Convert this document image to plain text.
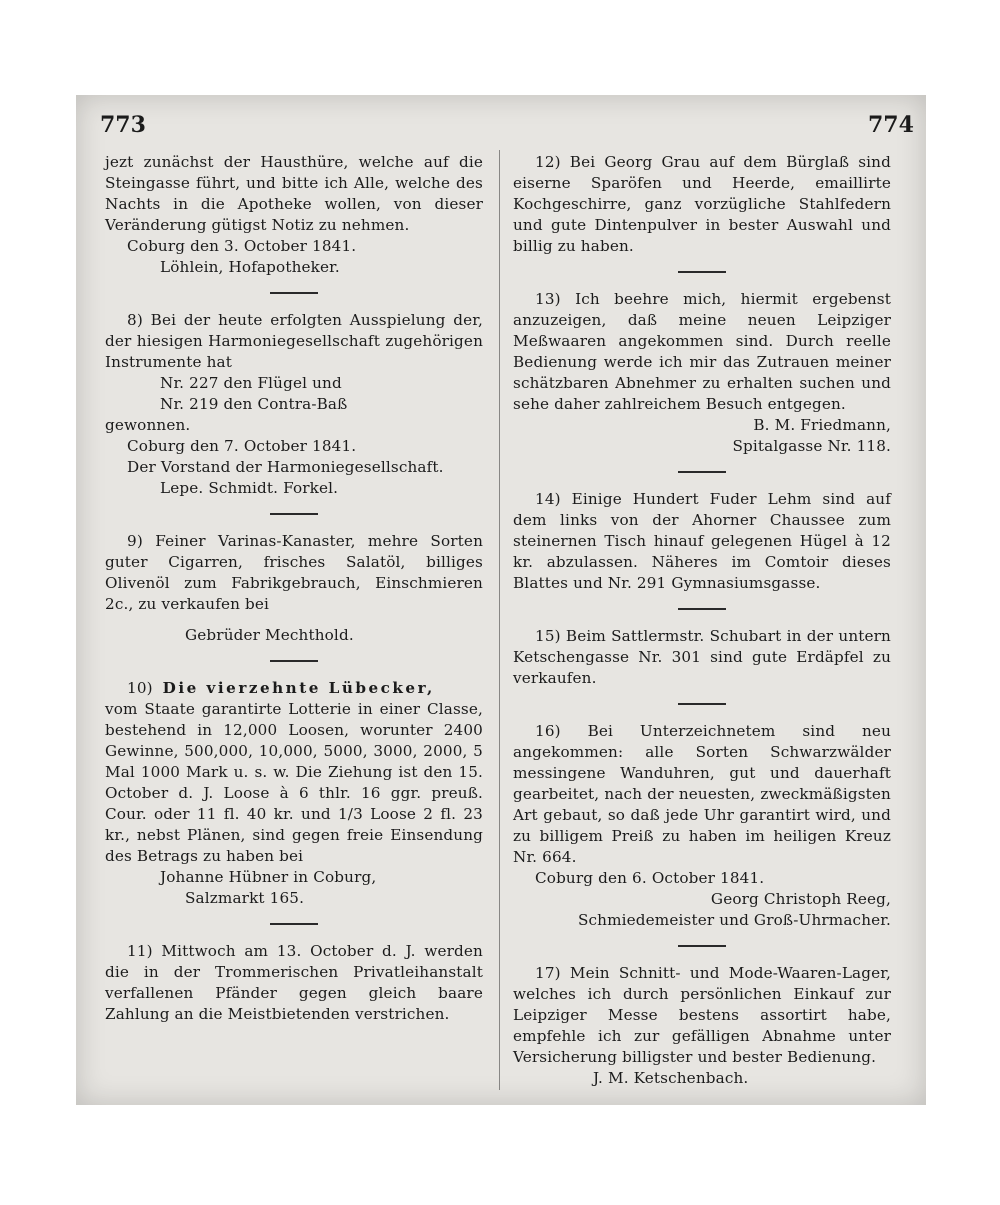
773	774

jezt zunächst der Hausthüre, welche auf die Steingasse führt, und bitte ich Alle, welche des Nachts in die Apotheke wollen, von dieser Veränderung gütigst Notiz zu nehmen.

Coburg den 3. October 1841.

Löhlein, Hofapotheker.

8) Bei der heute erfolgten Ausspielung der, der hiesigen Harmoniegesellschaft zugehörigen Instrumente hat

Nr. 227 den Flügel und

Nr. 219 den Contra-Baß

gewonnen.

Coburg den 7. October 1841.

Der Vorstand der Harmoniegesellschaft.

Lepe. Schmidt. Forkel.

9) Feiner Varinas-Kanaster, mehre Sorten guter Cigarren, frisches Salatöl, billiges Olivenöl zum Fabrikgebrauch, Einschmieren 2c., zu verkaufen bei

Gebrüder Mechthold.

10) Die vierzehnte Lübecker,

vom Staate garantirte Lotterie in einer Classe, bestehend in 12,000 Loosen, worunter 2400 Gewinne, 500,000, 10,000, 5000, 3000, 2000, 5 Mal 1000 Mark u. s. w. Die Ziehung ist den 15. October d. J. Loose à 6 thlr. 16 ggr. preuß. Cour. oder 11 fl. 40 kr. und 1/3 Loose 2 fl. 23 kr., nebst Plänen, sind gegen freie Einsendung des Betrags zu haben bei

Johanne Hübner in Coburg,

Salzmarkt 165.

11) Mittwoch am 13. October d. J. werden die in der Trommerischen Privatleihanstalt verfallenen Pfänder gegen gleich baare Zahlung an die Meistbietenden verstrichen.

12) Bei Georg Grau auf dem Bürglaß sind eiserne Sparöfen und Heerde, emaillirte Kochgeschirre, ganz vorzügliche Stahlfedern und gute Dintenpulver in bester Auswahl und billig zu haben.

13) Ich beehre mich, hiermit ergebenst anzuzeigen, daß meine neuen Leipziger Meßwaaren angekommen sind. Durch reelle Bedienung werde ich mir das Zutrauen meiner schätzbaren Abnehmer zu erhalten suchen und sehe daher zahlreichem Besuch entgegen.

B. M. Friedmann,

Spitalgasse Nr. 118.

14) Einige Hundert Fuder Lehm sind auf dem links von der Ahorner Chaussee zum steinernen Tisch hinauf gelegenen Hügel à 12 kr. abzulassen. Näheres im Comtoir dieses Blattes und Nr. 291 Gymnasiumsgasse.

15) Beim Sattlermstr. Schubart in der untern Ketschengasse Nr. 301 sind gute Erdäpfel zu verkaufen.

16) Bei Unterzeichnetem sind neu angekommen: alle Sorten Schwarzwälder messingene Wanduhren, gut und dauerhaft gearbeitet, nach der neuesten, zweckmäßigsten Art gebaut, so daß jede Uhr garantirt wird, und zu billigem Preiß zu haben im heiligen Kreuz Nr. 664.

Coburg den 6. October 1841.

Georg Christoph Reeg,

Schmiedemeister und Groß-Uhrmacher.

17) Mein Schnitt- und Mode-Waaren-Lager, welches ich durch persönlichen Einkauf zur Leipziger Messe bestens assortirt habe, empfehle ich zur gefälligen Abnahme unter Versicherung billigster und bester Bedienung.

J. M. Ketschenbach.
